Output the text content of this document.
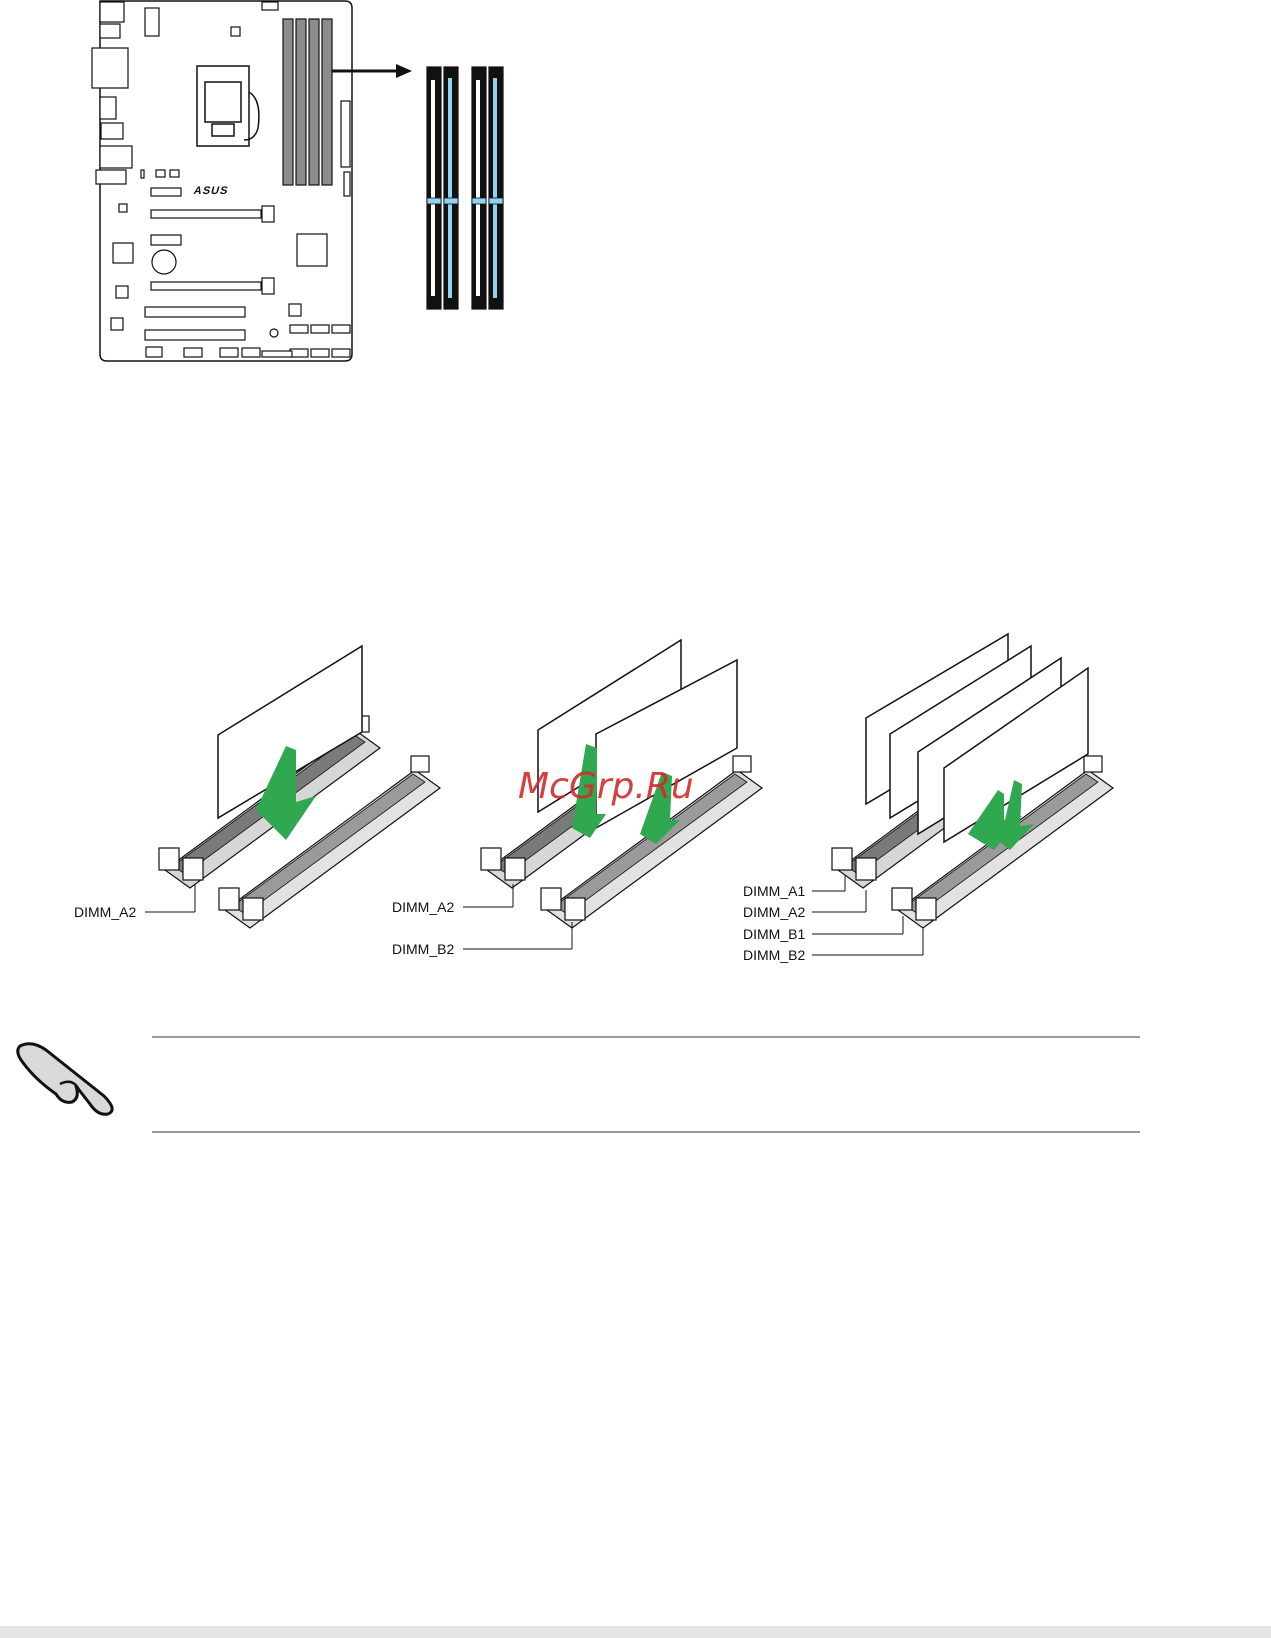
ASUS
DIMM_A2	DIMM_A2
DIMM_B2
DIMM_A1
DIMM_A2
DIMM_B1
DIMM_B2
McGrp.Ru
